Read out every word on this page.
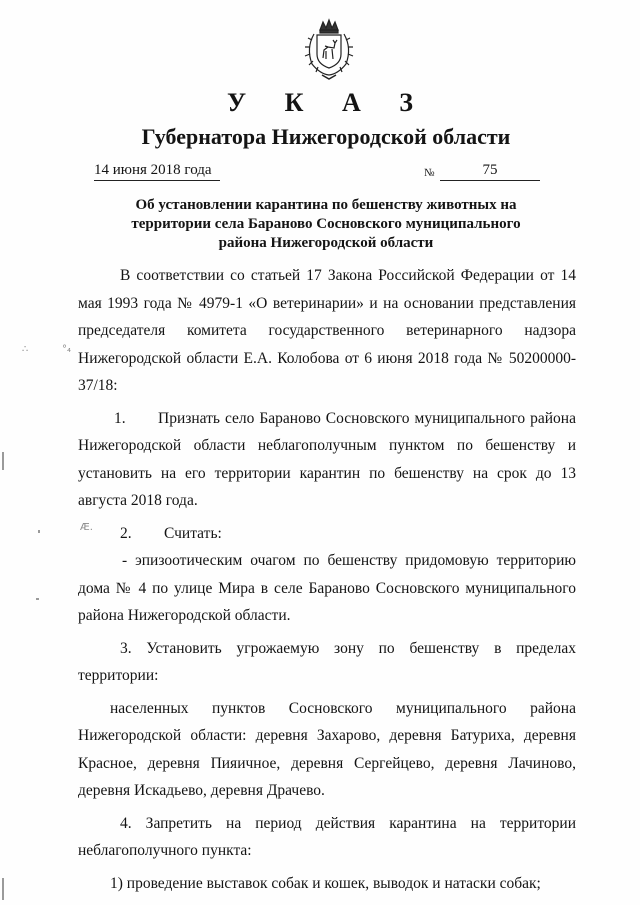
У К А З
Губернатора Нижегородской области
14 июня 2018 года	№	75
Об установлении карантина по бешенству животных на
территории села Бараново Сосновского муниципального
района Нижегородской области

В соответствии со статьей 17 Закона Российской Федерации от 14 мая 1993 года № 4979-1 «О ветеринарии» и на основании представления председателя комитета государственного ветеринарного надзора Нижегородской области Е.А. Колобова от 6 июня 2018 года № 50200000-37/18:

1. Признать село Бараново Сосновского муниципального района Нижегородской области неблагополучным пунктом по бешенству и установить на его территории карантин по бешенству на срок до 13 августа 2018 года.

2. Считать:

- эпизоотическим очагом по бешенству придомовую территорию дома № 4 по улице Мира в селе Бараново Сосновского муниципального района Нижегородской области.

3. Установить угрожаемую зону по бешенству в пределах территории:

населенных пунктов Сосновского муниципального района Нижегородской области: деревня Захарово, деревня Батуриха, деревня Красное, деревня Пияичное, деревня Сергейцево, деревня Лачиново, деревня Искадьево, деревня Драчево.

4. Запретить на период действия карантина на территории неблагополучного пункта:

1) проведение выставок собак и кошек, выводок и натаски собак;

∴	°₄
Æ.
